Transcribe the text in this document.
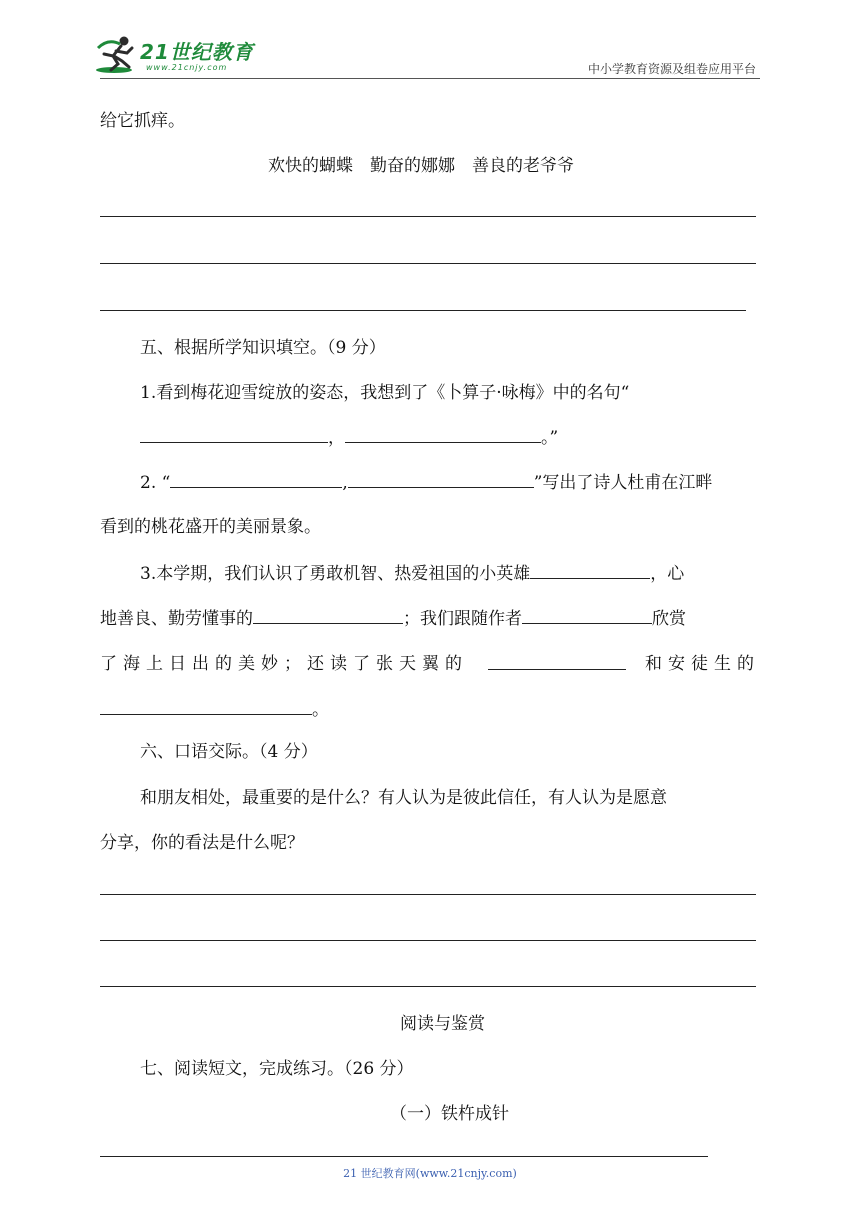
21世纪教育
www.21cnjy.com	中小学教育资源及组卷应用平台
给它抓痒。
欢快的蝴蝶　勤奋的娜娜　善良的老爷爷
五、根据所学知识填空。（9 分）
1.看到梅花迎雪绽放的姿态，我想到了《卜算子·咏梅》中的名句“
，	。”
2. “	,	”写出了诗人杜甫在江畔
看到的桃花盛开的美丽景象。
3.本学期，我们认识了勇敢机智、热爱祖国的小英雄	，心
地善良、勤劳懂事的	；我们跟随作者	欣赏
了海上日出的美妙；还读了张天翼的	和安徒生的
。
六、口语交际。（4 分）
和朋友相处，最重要的是什么？有人认为是彼此信任，有人认为是愿意
分享，你的看法是什么呢？
阅读与鉴赏
七、阅读短文，完成练习。（26 分）
（一）铁杵成针
21 世纪教育网(www.21cnjy.com)
